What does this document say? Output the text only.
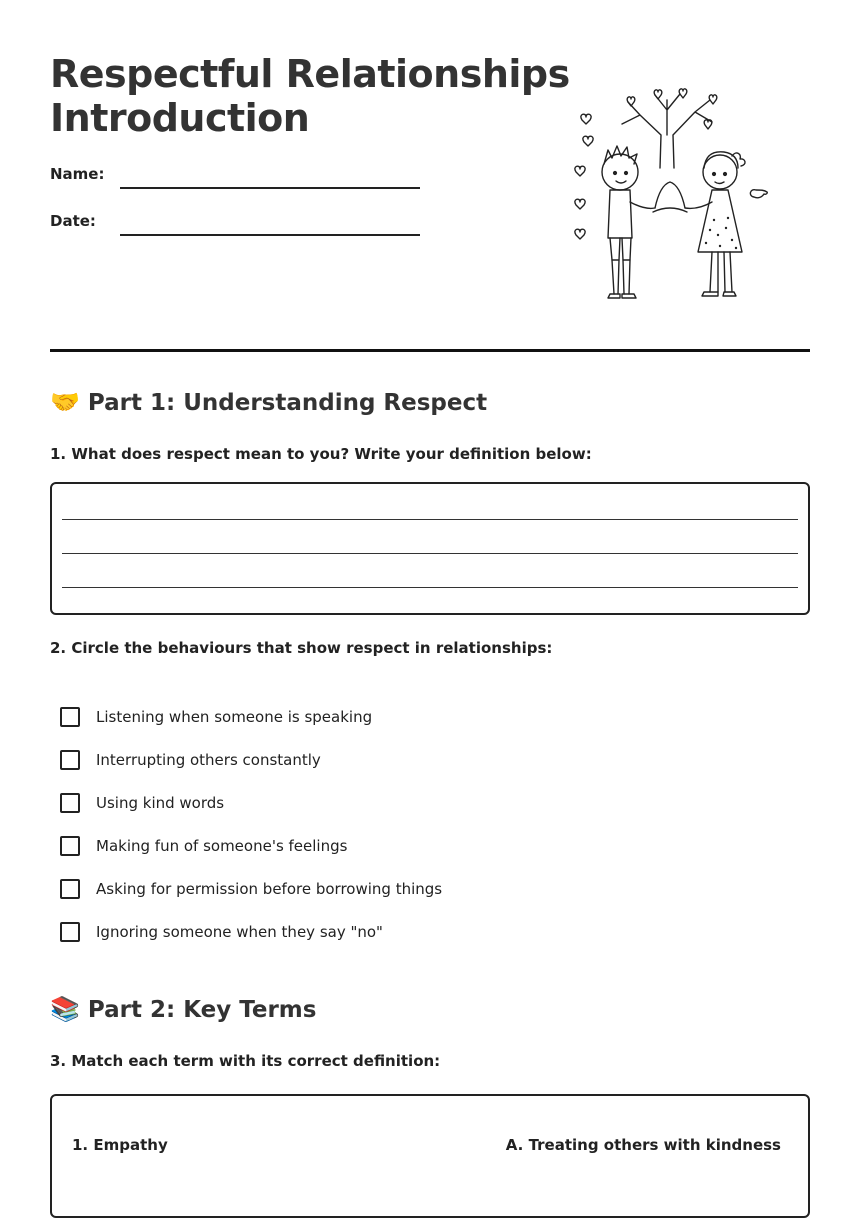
Respectful Relationships
Introduction
Name:
Date:
🤝 Part 1: Understanding Respect

1. What does respect mean to you? Write your definition below:

2. Circle the behaviours that show respect in relationships:

Listening when someone is speaking
Interrupting others constantly
Using kind words
Making fun of someone's feelings
Asking for permission before borrowing things
Ignoring someone when they say "no"
📚 Part 2: Key Terms

3. Match each term with its correct definition:

1. Empathy	A. Treating others with kindness
